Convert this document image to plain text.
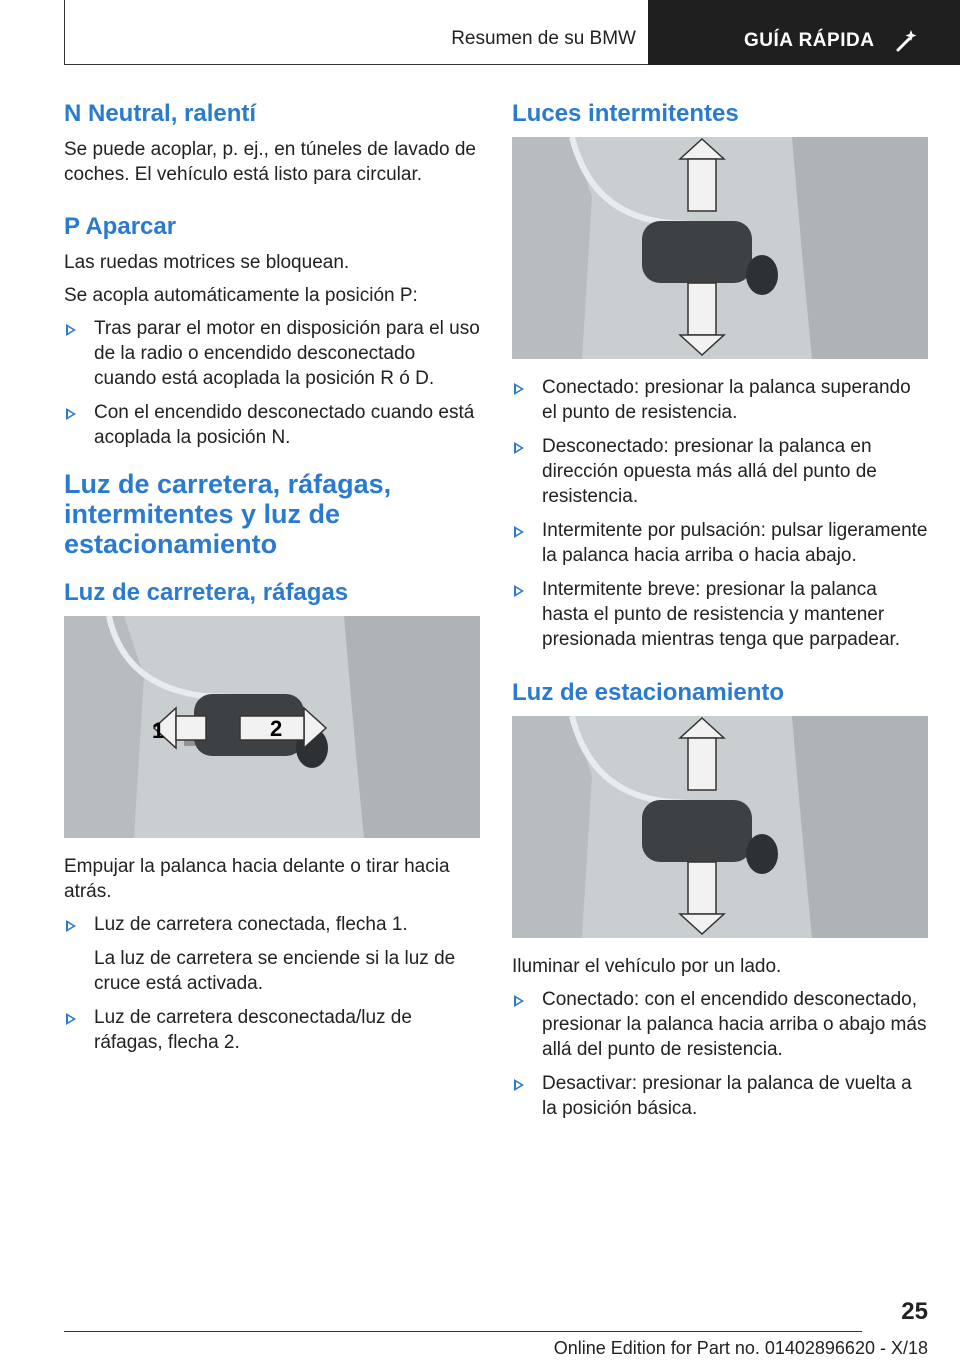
Resumen de su BMW	GUÍA RÁPIDA
N Neutral, ralentí

Se puede acoplar, p. ej., en túneles de lavado de coches. El vehículo está listo para circular.

P Aparcar

Las ruedas motrices se bloquean.

Se acopla automáticamente la posición P:

Tras parar el motor en disposición para el uso de la radio o encendido desconectado cuando está acoplada la posición R ó D.
Con el encendido desconectado cuando está acoplada la posición N.
Luz de carretera, ráfagas, intermitentes y luz de estacionamiento
Luz de carretera, ráfagas
1	2

Empujar la palanca hacia delante o tirar hacia atrás.

Luz de carretera conectada, flecha 1.

La luz de carretera se enciende si la luz de cruce está activada.

Luz de carretera desconectada/luz de ráfagas, flecha 2.
Luces intermitentes
Conectado: presionar la palanca superando el punto de resistencia.
Desconectado: presionar la palanca en dirección opuesta más allá del punto de resistencia.
Intermitente por pulsación: pulsar ligeramente la palanca hacia arriba o hacia abajo.
Intermitente breve: presionar la palanca hasta el punto de resistencia y mantener presionada mientras tenga que parpadear.
Luz de estacionamiento

Iluminar el vehículo por un lado.

Conectado: con el encendido desconectado, presionar la palanca hacia arriba o abajo más allá del punto de resistencia.
Desactivar: presionar la palanca de vuelta a la posición básica.
25
Online Edition for Part no. 01402896620 - X/18
